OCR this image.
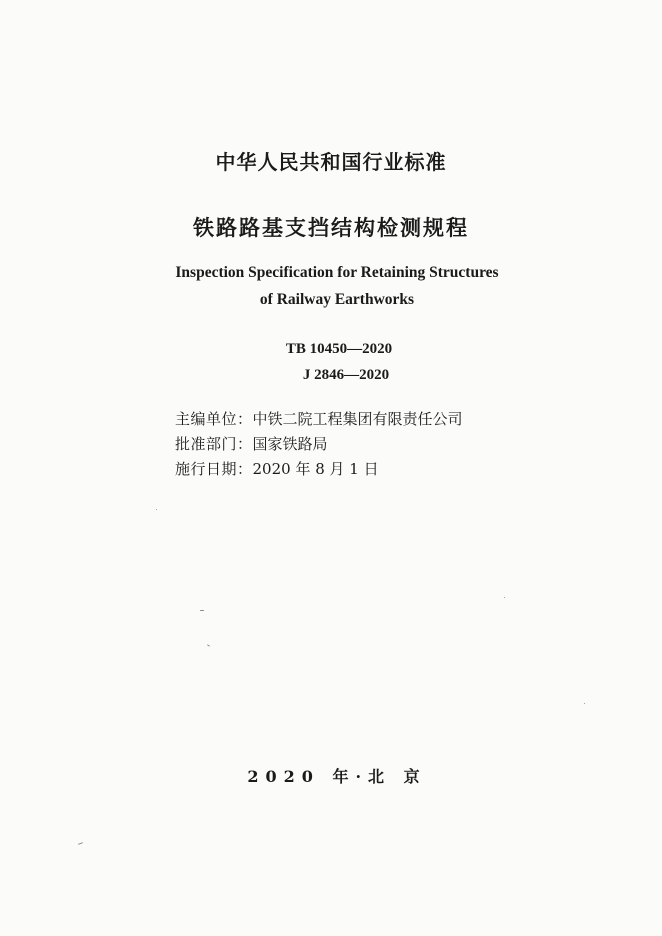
中华人民共和国行业标准
铁路路基支挡结构检测规程
Inspection Specification for Retaining Structures
of Railway Earthworks
TB 10450—2020
J 2846—2020
主编单位：中铁二院工程集团有限责任公司
批准部门：国家铁路局
施行日期：2020 年 8 月 1 日
2020 年·北 京
